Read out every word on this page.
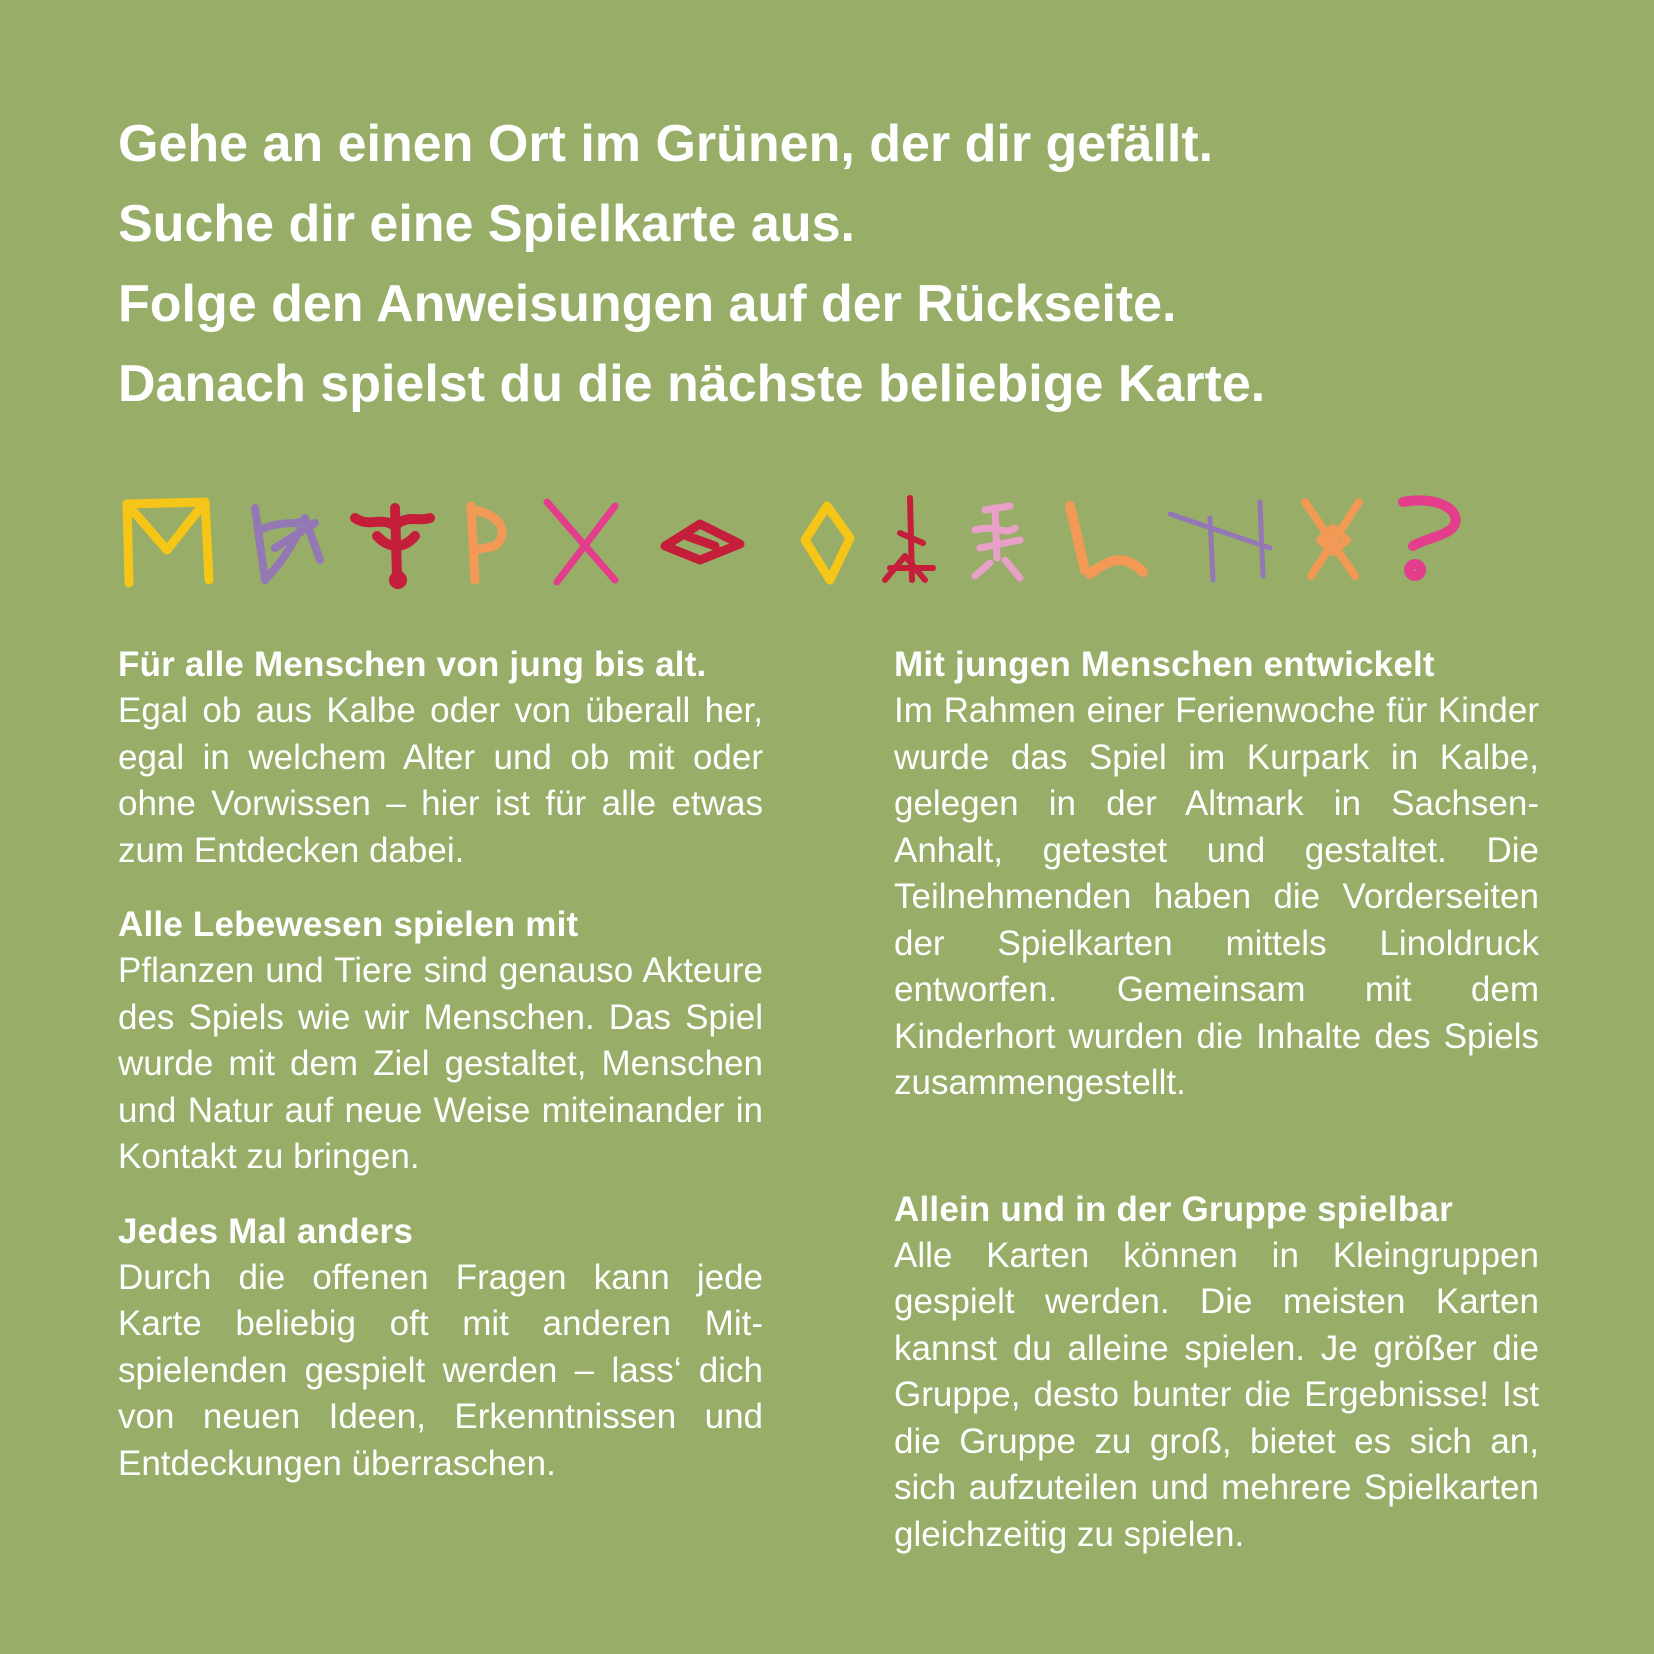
Gehe an einen Ort im Grünen, der dir gefällt.
Suche dir eine Spielkarte aus.
Folge den Anweisungen auf der Rückseite.
Danach spielst du die nächste beliebige Karte.
Für alle Menschen von jung bis alt.

Egal ob aus Kalbe oder von überall her, egal in welchem Alter und ob mit oder ohne Vorwissen – hier ist für alle etwas zum Entdecken dabei.

Alle Lebewesen spielen mit

Pflanzen und Tiere sind genauso Akteure des Spiels wie wir Menschen. Das Spiel wurde mit dem Ziel gestaltet, Menschen und Natur auf neue Weise miteinander in Kontakt zu bringen.

Jedes Mal anders

Durch die offenen Fragen kann jede Karte beliebig oft mit anderen Mitspielenden gespielt werden – lass‘ dich von neuen Ideen, Erkenntnissen und Entdeckungen überraschen.

Mit jungen Menschen entwickelt

Im Rahmen einer Ferienwoche für Kinder wurde das Spiel im Kurpark in Kalbe, gelegen in der Altmark in Sachsen-Anhalt, getestet und gestaltet. Die Teilnehmenden haben die Vorderseiten der Spielkarten mittels Linoldruck entworfen. Gemeinsam mit dem Kinderhort wurden die Inhalte des Spiels zusammengestellt.

Allein und in der Gruppe spielbar

Alle Karten können in Kleingruppen gespielt werden. Die meisten Karten kannst du alleine spielen. Je größer die Gruppe, desto bunter die Ergebnisse! Ist die Gruppe zu groß, bietet es sich an, sich aufzuteilen und mehrere Spielkarten gleichzeitig zu spielen.
